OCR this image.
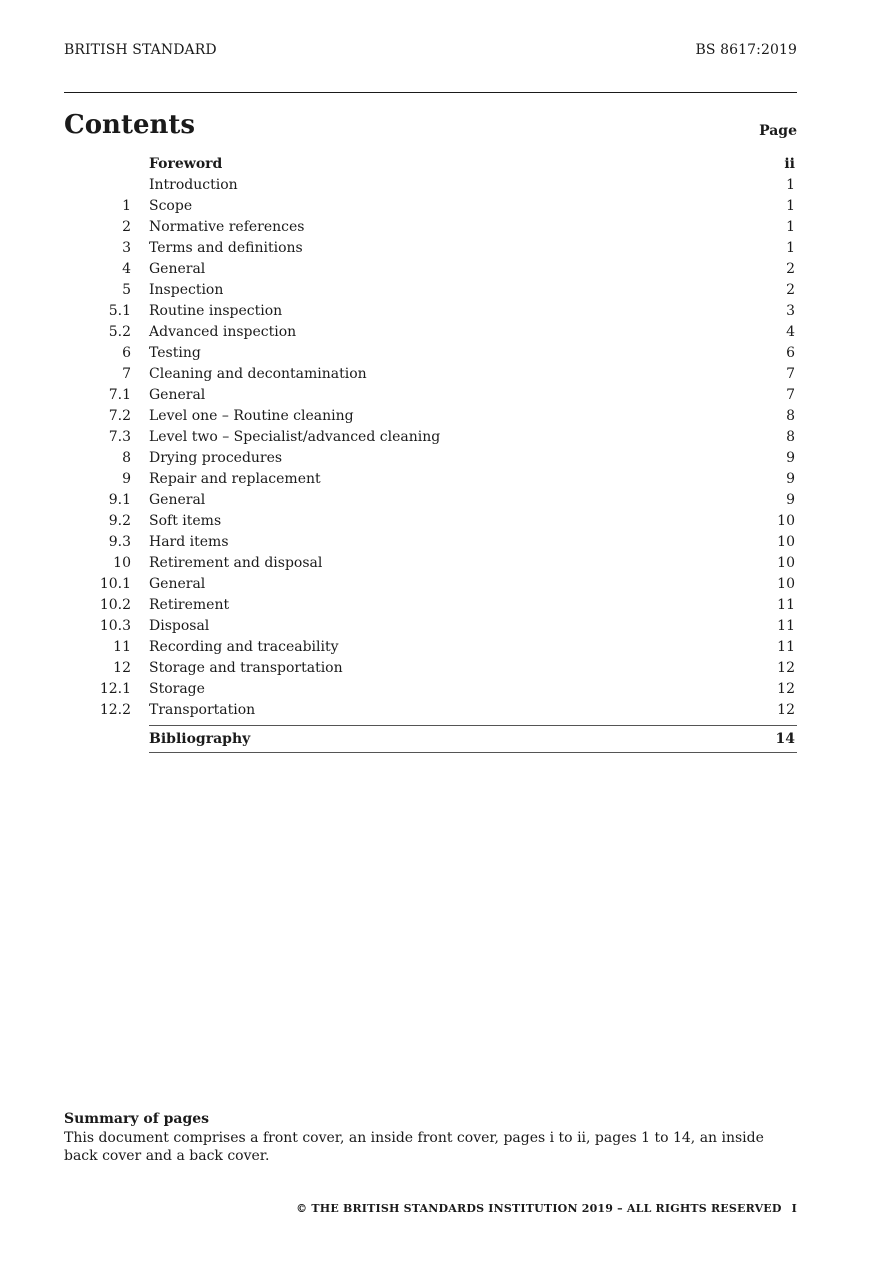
BRITISH STANDARD	BS 8617:2019
Contents	Page
Foreword	ii
Introduction	1
1 Scope	1
2 Normative references	1
3 Terms and definitions	1
4 General	2
5 Inspection	2
5.1 Routine inspection	3
5.2 Advanced inspection	4
6 Testing	6
7 Cleaning and decontamination	7
7.1 General	7
7.2 Level one – Routine cleaning	8
7.3 Level two – Specialist/advanced cleaning	8
8 Drying procedures	9
9 Repair and replacement	9
9.1 General	9
9.2 Soft items	10
9.3 Hard items	10
10 Retirement and disposal	10
10.1 General	10
10.2 Retirement	11
10.3 Disposal	11
11 Recording and traceability	11
12 Storage and transportation	12
12.1 Storage	12
12.2 Transportation	12
Bibliography	14
Summary of pages
This document comprises a front cover, an inside front cover, pages i to ii, pages 1 to 14, an inside back cover and a back cover.
© THE BRITISH STANDARDS INSTITUTION 2019 – ALL RIGHTS RESERVED I
